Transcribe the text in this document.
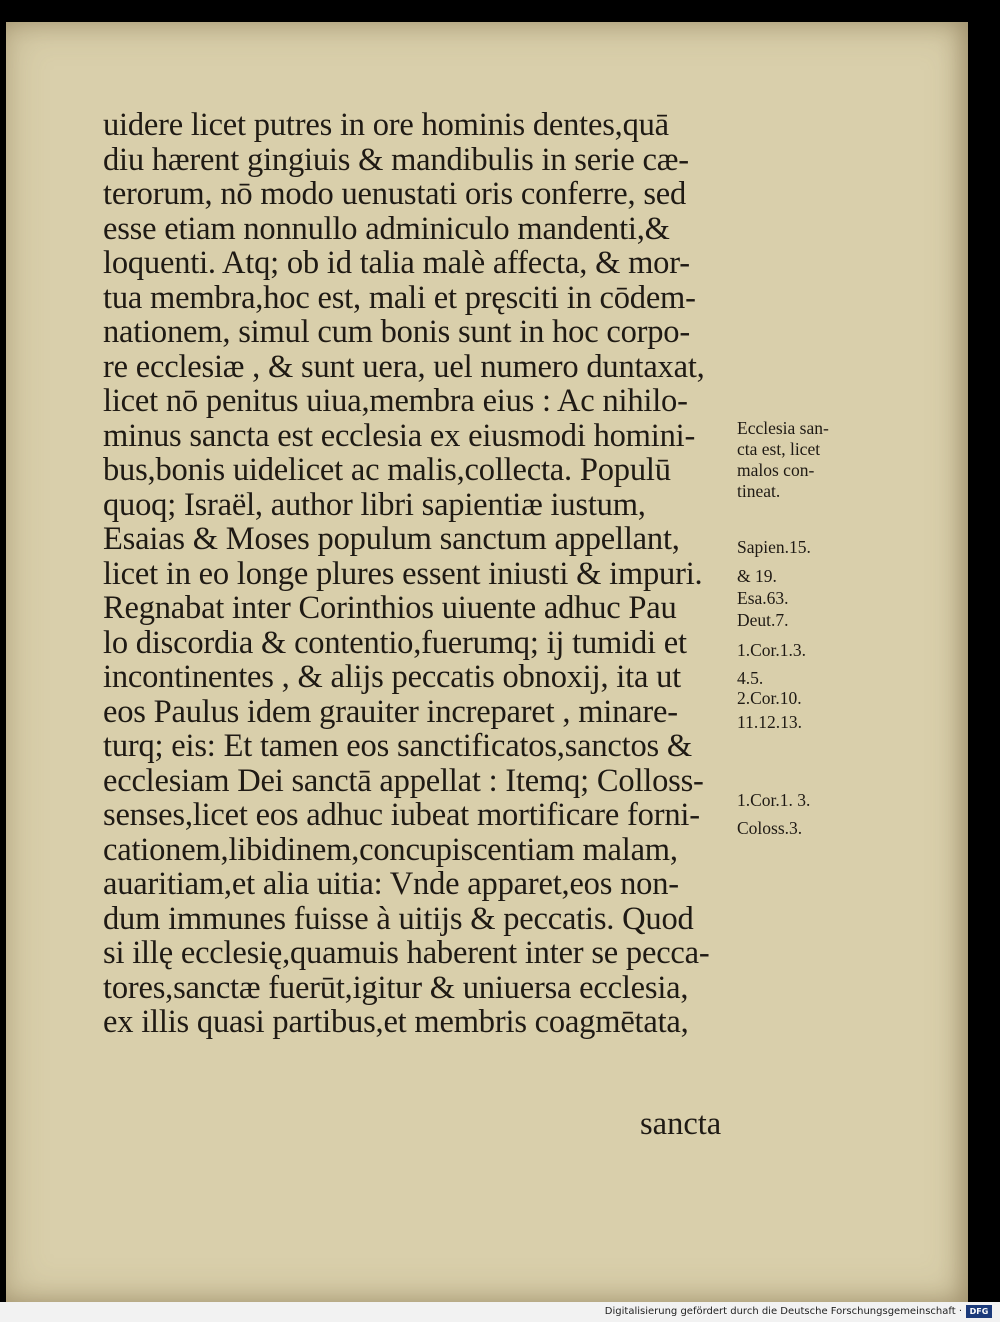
uidere licet putres in ore hominis dentes,quā
diu hærent gingiuis & mandibulis in serie cæ-
terorum, nō modo uenustati oris conferre, sed
esse etiam nonnullo adminiculo mandenti,&
loquenti. Atq; ob id talia malè affecta, & mor-
tua membra,hoc est, mali et pręsciti in cōdem-
nationem, simul cum bonis sunt in hoc corpo-
re ecclesiæ , & sunt uera, uel numero duntaxat,
licet nō penitus uiua,membra eius : Ac nihilo-
minus sancta est ecclesia ex eiusmodi homini-
bus,bonis uidelicet ac malis,collecta. Populū
quoq; Israël, author libri sapientiæ iustum,
Esaias & Moses populum sanctum appellant,
licet in eo longe plures essent iniusti & impuri.
Regnabat inter Corinthios uiuente adhuc Pau
lo discordia & contentio,fuerumq; ij tumidi et
incontinentes , & alijs peccatis obnoxij, ita ut
eos Paulus idem grauiter increparet , minare-
turq; eis: Et tamen eos sanctificatos,sanctos &
ecclesiam Dei sanctā appellat : Itemq; Colloss-
senses,licet eos adhuc iubeat mortificare forni-
cationem,libidinem,concupiscentiam malam,
auaritiam,et alia uitia: Vnde apparet,eos non-
dum immunes fuisse à uitijs & peccatis. Quod
si illę ecclesię,quamuis haberent inter se pecca-
tores,sanctæ fuerūt,igitur & uniuersa ecclesia,
ex illis quasi partibus,et membris coagmētata,
sancta
Ecclesia san-
cta est, licet
malos con-
tineat.
Sapien.15.
& 19.
Esa.63.
Deut.7.
1.Cor.1.3.
4.5.
2.Cor.10.
11.12.13.
1.Cor.1. 3.
Coloss.3.
Digitalisierung gefördert durch die Deutsche Forschungsgemeinschaft · DFG
